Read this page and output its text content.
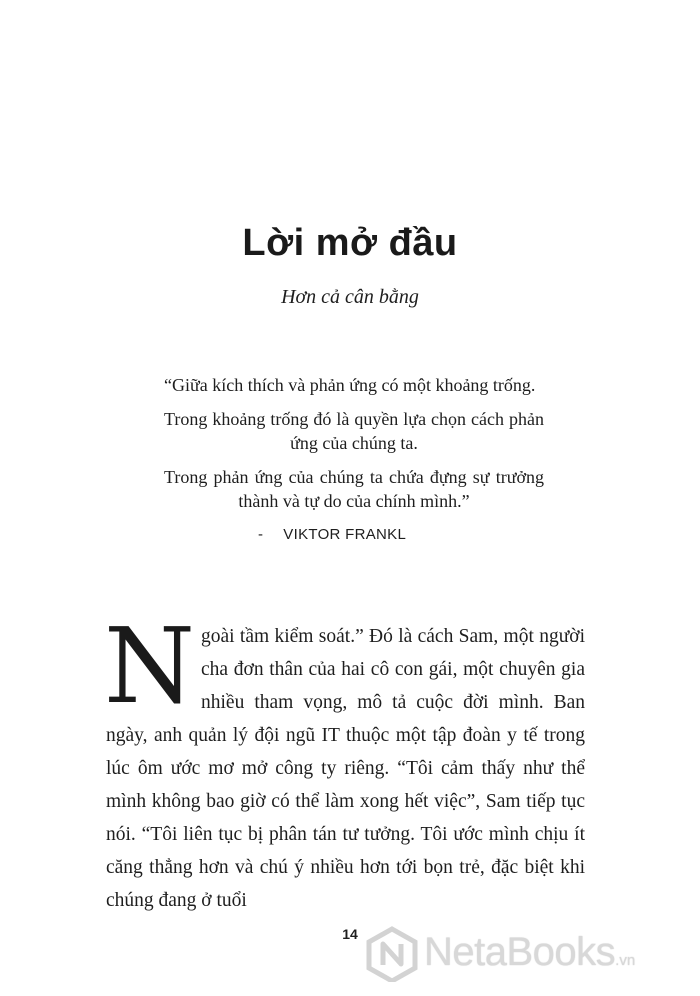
Lời mở đầu
Hơn cả cân bằng

“Giữa kích thích và phản ứng có một khoảng trống.

Trong khoảng trống đó là quyền lựa chọn cách phản ứng của chúng ta.

Trong phản ứng của chúng ta chứa đựng sự trưởng thành và tự do của chính mình.”

- VIKTOR FRANKL

Ngoài tầm kiểm soát.” Đó là cách Sam, một người cha đơn thân của hai cô con gái, một chuyên gia nhiều tham vọng, mô tả cuộc đời mình. Ban ngày, anh quản lý đội ngũ IT thuộc một tập đoàn y tế trong lúc ôm ước mơ mở công ty riêng. “Tôi cảm thấy như thể mình không bao giờ có thể làm xong hết việc”, Sam tiếp tục nói. “Tôi liên tục bị phân tán tư tưởng. Tôi ước mình chịu ít căng thẳng hơn và chú ý nhiều hơn tới bọn trẻ, đặc biệt khi chúng đang ở tuổi

14	NetaBooks.vn
